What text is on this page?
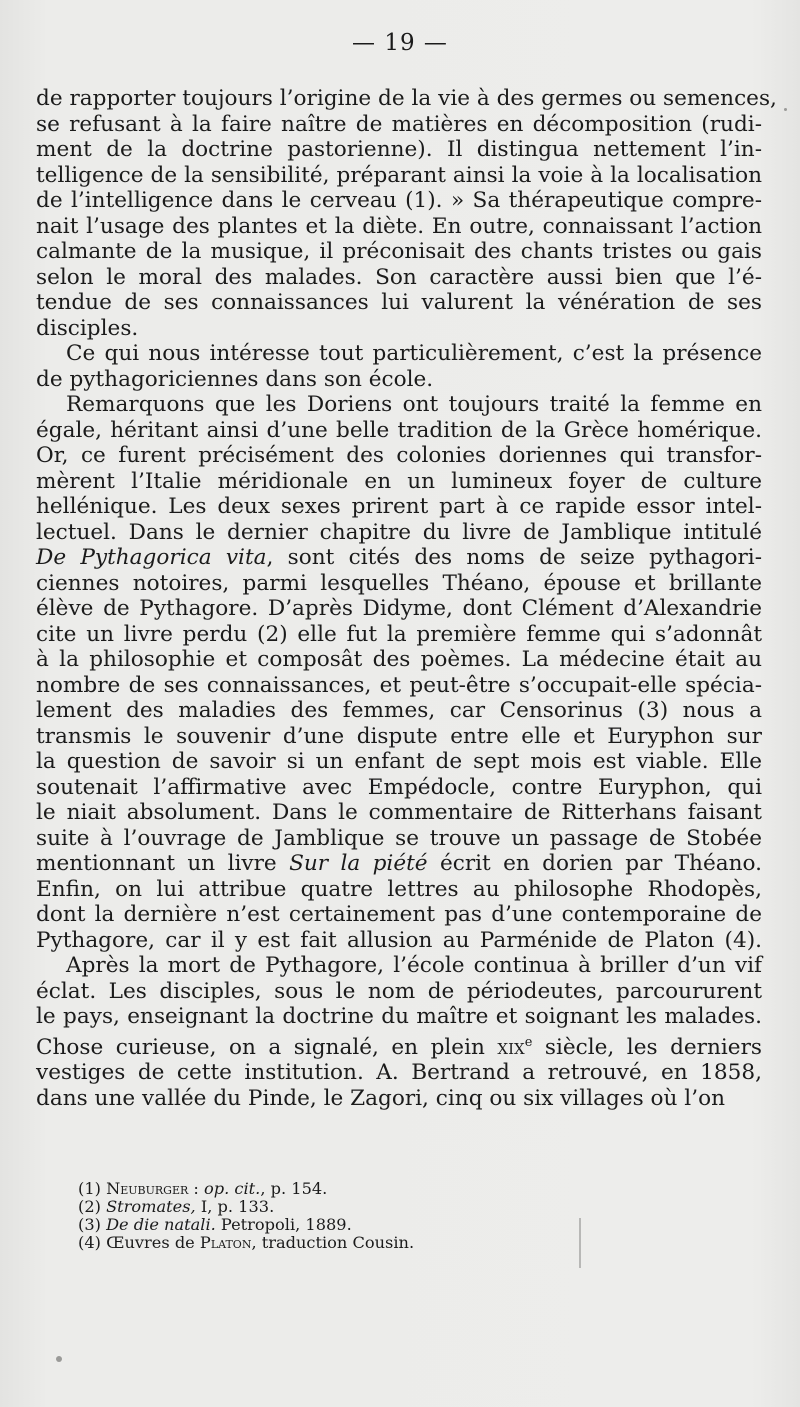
— 19 —
de rapporter toujours l’origine de la vie à des germes ou semences,
se refusant à la faire naître de matières en décomposition (rudi-
ment de la doctrine pastorienne). Il distingua nettement l’in-
telligence de la sensibilité, préparant ainsi la voie à la localisation
de l’intelligence dans le cerveau (1). » Sa thérapeutique compre-
nait l’usage des plantes et la diète. En outre, connaissant l’action
calmante de la musique, il préconisait des chants tristes ou gais
selon le moral des malades. Son caractère aussi bien que l’é-
tendue de ses connaissances lui valurent la vénération de ses
disciples.
Ce qui nous intéresse tout particulièrement, c’est la présence
de pythagoriciennes dans son école.
Remarquons que les Doriens ont toujours traité la femme en
égale, héritant ainsi d’une belle tradition de la Grèce homérique.
Or, ce furent précisément des colonies doriennes qui transfor-
mèrent l’Italie méridionale en un lumineux foyer de culture
hellénique. Les deux sexes prirent part à ce rapide essor intel-
lectuel. Dans le dernier chapitre du livre de Jamblique intitulé
De Pythagorica vita, sont cités des noms de seize pythagori-
ciennes notoires, parmi lesquelles Théano, épouse et brillante
élève de Pythagore. D’après Didyme, dont Clément d’Alexandrie
cite un livre perdu (2) elle fut la première femme qui s’adonnât
à la philosophie et composât des poèmes. La médecine était au
nombre de ses connaissances, et peut-être s’occupait-elle spécia-
lement des maladies des femmes, car Censorinus (3) nous a
transmis le souvenir d’une dispute entre elle et Euryphon sur
la question de savoir si un enfant de sept mois est viable. Elle
soutenait l’affirmative avec Empédocle, contre Euryphon, qui
le niait absolument. Dans le commentaire de Ritterhans faisant
suite à l’ouvrage de Jamblique se trouve un passage de Stobée
mentionnant un livre Sur la piété écrit en dorien par Théano.
Enfin, on lui attribue quatre lettres au philosophe Rhodopès,
dont la dernière n’est certainement pas d’une contemporaine de
Pythagore, car il y est fait allusion au Parménide de Platon (4).
Après la mort de Pythagore, l’école continua à briller d’un vif
éclat. Les disciples, sous le nom de périodeutes, parcoururent
le pays, enseignant la doctrine du maître et soignant les malades.
Chose curieuse, on a signalé, en plein xix$^e$ siècle, les derniers
vestiges de cette institution. A. Bertrand a retrouvé, en 1858,
dans une vallée du Pinde, le Zagori, cinq ou six villages où l’on
(1) Neuburger : op. cit., p. 154.
(2) Stromates, I, p. 133.
(3) De die natali. Petropoli, 1889.
(4) Œuvres de Platon, traduction Cousin.
